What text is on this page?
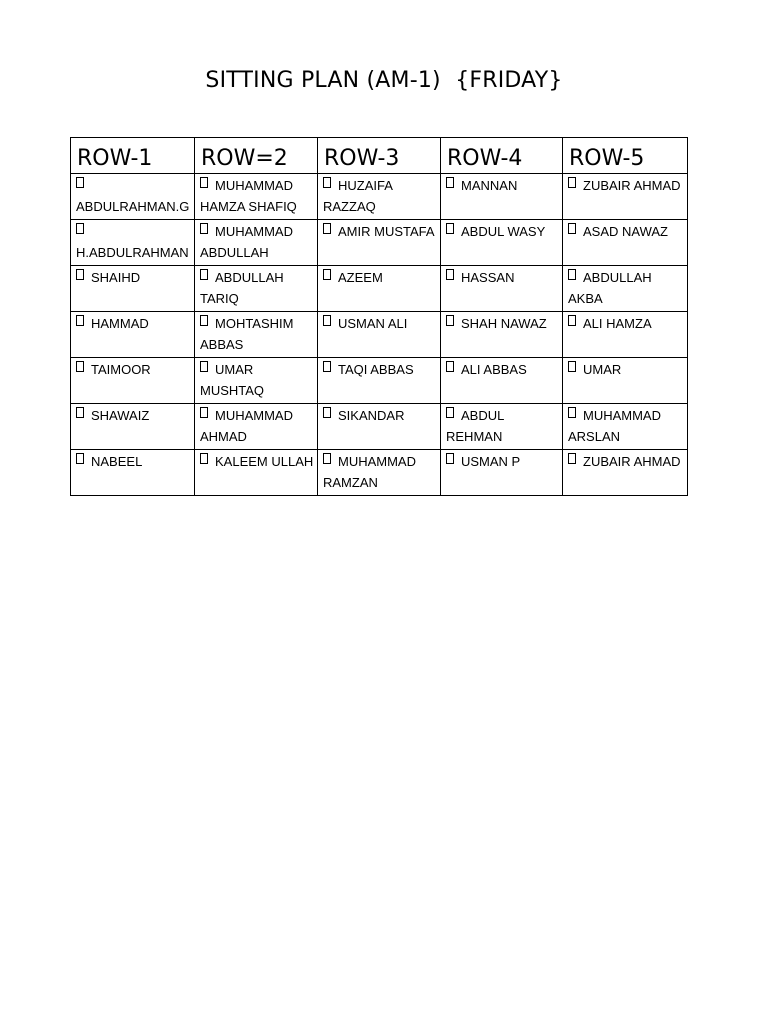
SITTING PLAN (AM-1)  {FRIDAY}
ROW-1	ROW=2	ROW-3	ROW-4	ROW-5
ABDULRAHMAN.G	MUHAMMAD HAMZA SHAFIQ	HUZAIFA RAZZAQ	MANNAN	ZUBAIR AHMAD
H.ABDULRAHMAN	MUHAMMAD ABDULLAH	AMIR MUSTAFA	ABDUL WASY	ASAD NAWAZ
SHAIHD	ABDULLAH TARIQ	AZEEM	HASSAN	ABDULLAH AKBA
HAMMAD	MOHTASHIM ABBAS	USMAN ALI	SHAH NAWAZ	ALI HAMZA
TAIMOOR	UMAR MUSHTAQ	TAQI ABBAS	ALI ABBAS	UMAR
SHAWAIZ	MUHAMMAD AHMAD	SIKANDAR	ABDUL REHMAN	MUHAMMAD ARSLAN
NABEEL	KALEEM ULLAH	MUHAMMAD RAMZAN	USMAN P	ZUBAIR AHMAD
